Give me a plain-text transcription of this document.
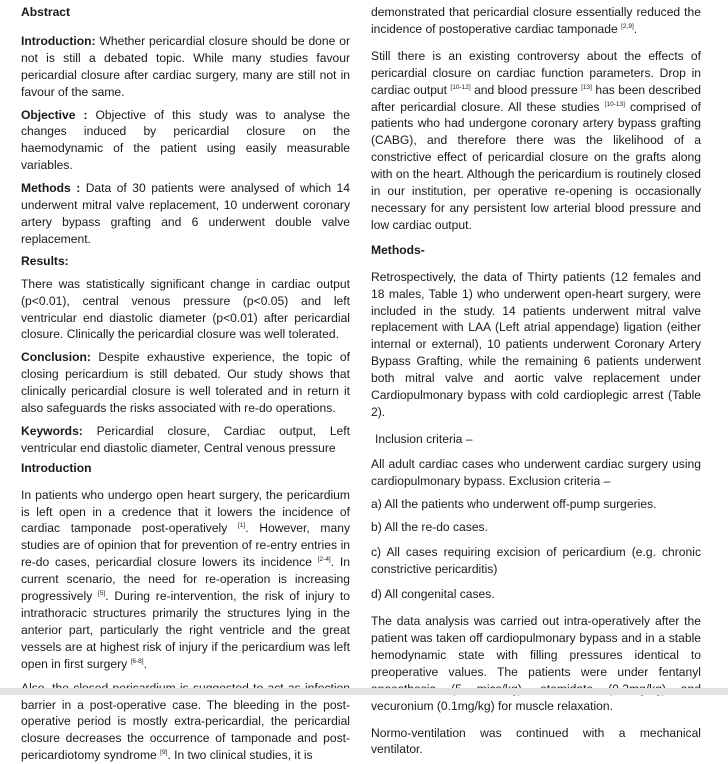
Abstract

Introduction: Whether pericardial closure should be done or not is still a debated topic. While many studies favour pericardial closure after cardiac surgery, many are still not in favour of the same.

Objective : Objective of this study was to analyse the changes induced by pericardial closure on the haemodynamic of the patient using easily measurable variables.

Methods : Data of 30 patients were analysed of which 14 underwent mitral valve replacement, 10 underwent coronary artery bypass grafting and 6 underwent double valve replacement.

Results:

There was statistically significant change in cardiac output (p<0.01), central venous pressure (p<0.05) and left ventricular end diastolic diameter (p<0.01) after pericardial closure. Clinically the pericardial closure was well tolerated.

Conclusion: Despite exhaustive experience, the topic of closing pericardium is still debated. Our study shows that clinically pericardial closure is well tolerated and in return it also safeguards the risks associated with re-do operations.

Keywords: Pericardial closure, Cardiac output, Left ventricular end diastolic diameter, Central venous pressure

Introduction

In patients who undergo open heart surgery, the pericardium is left open in a credence that it lowers the incidence of cardiac tamponade post-operatively [1]. However, many studies are of opinion that for prevention of re-entry entries in re-do cases, pericardial closure lowers its incidence [2-4]. In current scenario, the need for re-operation is increasing progressively [5]. During re-intervention, the risk of injury to intrathoracic structures primarily the structures lying in the anterior part, particularly the right ventricle and the great vessels are at highest risk of injury if the pericardium was left open in first surgery [6-8].

barrier in a post-operative case. The bleeding in the post-operative period is mostly extra-pericardial, the pericardial closure decreases the occurrence of tamponade and post-pericardiotomy syndrome [9]. In two clinical studies, it is

demonstrated that pericardial closure essentially reduced the incidence of postoperative cardiac tamponade [2,9].

Still there is an existing controversy about the effects of pericardial closure on cardiac function parameters. Drop in cardiac output [10-12] and blood pressure [13] has been described after pericardial closure. All these studies [10-13] comprised of patients who had undergone coronary artery bypass grafting (CABG), and therefore there was the likelihood of a constrictive effect of pericardial closure on the grafts along with on the heart. Although the pericardium is routinely closed in our institution, per operative re-opening is occasionally necessary for any persistent low arterial blood pressure and low cardiac output.

Methods-

Retrospectively, the data of Thirty patients (12 females and 18 males, Table 1) who underwent open-heart surgery, were included in the study. 14 patients underwent mitral valve replacement with LAA (Left atrial appendage) ligation (either internal or external), 10 patients underwent Coronary Artery Bypass Grafting, while the remaining 6 patients underwent both mitral valve and aortic valve replacement under Cardiopulmonary bypass with cold cardioplegic arrest (Table 2).

Inclusion criteria –

All adult cardiac cases who underwent cardiac surgery using cardiopulmonary bypass. Exclusion criteria –

a) All the patients who underwent off-pump surgeries.

b) All the re-do cases.

c) All cases requiring excision of pericardium (e.g. chronic constrictive pericarditis)

d) All congenital cases.

The data analysis was carried out intra-operatively after the patient was taken off cardiopulmonary bypass and in a stable hemodynamic state with filling pressures identical to preoperative values. The patients were under fentanyl vecuronium (0.1mg/kg) for muscle relaxation.

Normo-ventilation was continued with a mechanical ventilator.
